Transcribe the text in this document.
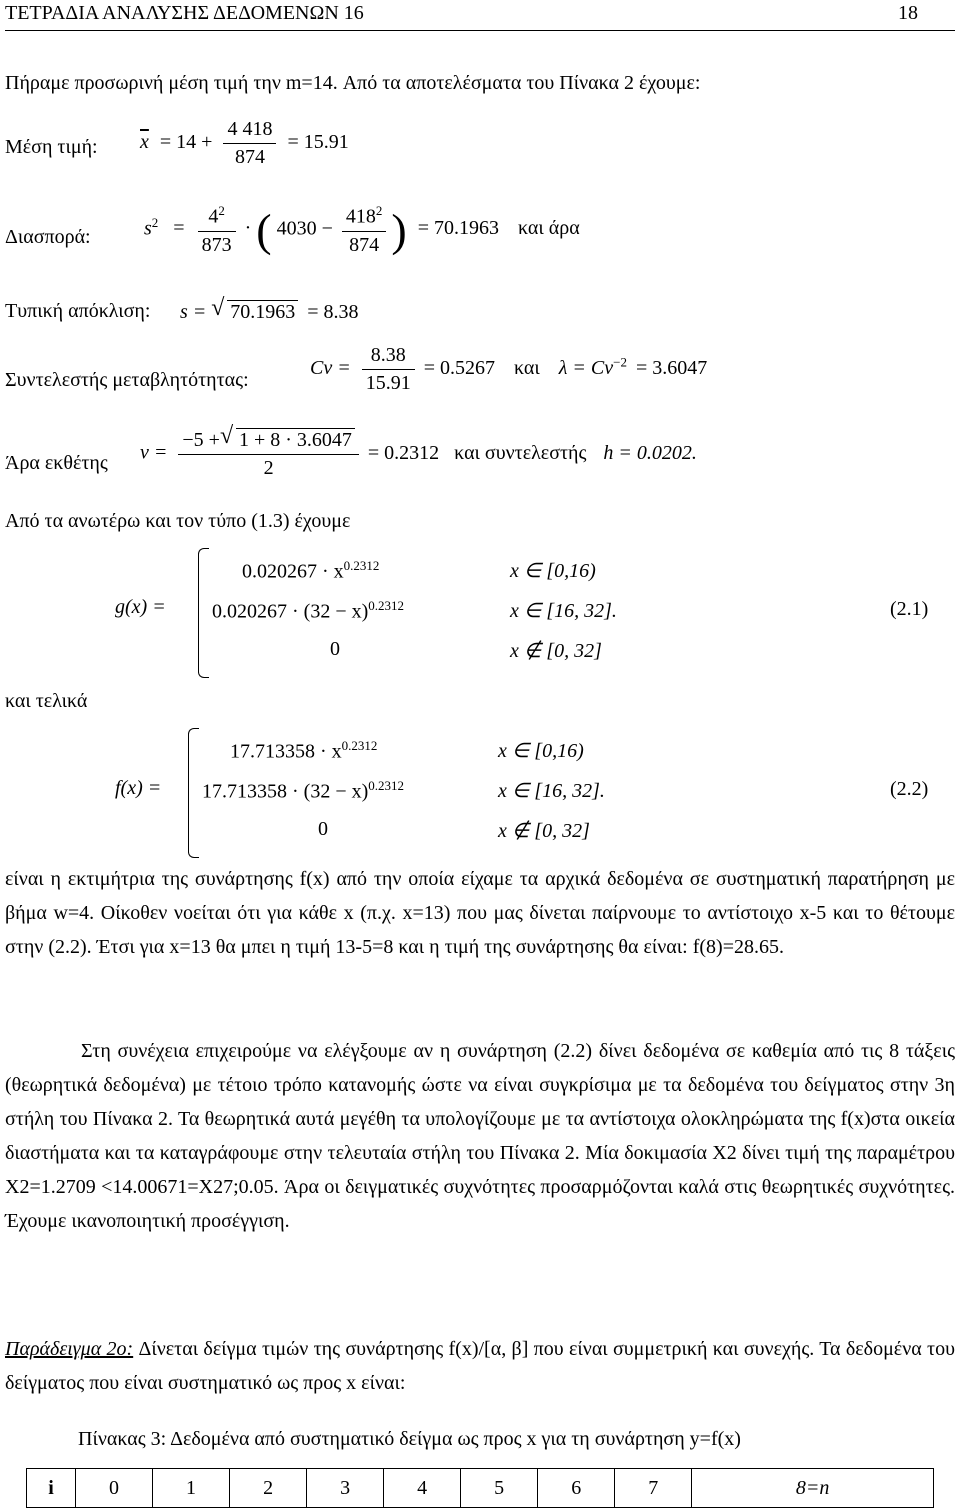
ΤΕΤΡΑΔΙΑ ΑΝΑΛΥΣΗΣ ΔΕΔΟΜΕΝΩΝ 16	18
Πήραμε προσωρινή μέση τιμή την m=14. Από τα αποτελέσματα του Πίνακα 2 έχουμε:
Μέση τιμή: $\overline{x} = 14 + \frac{4 418}{874} = 15.91$
Διασπορά:	$s^2 = \frac{4^2}{873}$ · ( $4030 - \frac{418^2}{874}$ ) = 70.1963 και άρα
Τυπική απόκλιση: s = √ 70.1963 = 8.38
Συντελεστής μεταβλητότητας:
$Cv = \frac{8.38}{15.91} = 0.5267$ και $\lambda = Cv^{-2} = 3.6047$
Άρα εκθέτης $\nu = \frac{-5 + √ 1 + 8 \cdot 3.6047}{2} = 0.2312$ και συντελεστής h = 0.0202.
Από τα ανωτέρω και τον τύπο (1.3) έχουμε
g(x) =
$0.020267 \cdot x^{0.2312}$	x ∈ [0,16)
$0.020267 \cdot (32 - x)^{0.2312}$	x ∈ [16, 32].
0	x ∉ [0, 32]
(2.1)
και τελικά
f(x) =
$17.713358 \cdot x^{0.2312}$	x ∈ [0,16)
$17.713358 \cdot (32 - x)^{0.2312}$	x ∈ [16, 32].
0	x ∉ [0, 32]
(2.2)
είναι η εκτιμήτρια της συνάρτησης f(x) από την οποία είχαμε τα αρχικά δεδομένα σε συστηματική παρατήρηση με βήμα w=4. Οίκοθεν νοείται ότι για κάθε x (π.χ. x=13) που μας δίνεται παίρνουμε το αντίστοιχο x-5 και το θέτουμε στην (2.2). Έτσι για x=13 θα μπει η τιμή 13-5=8 και η τιμή της συνάρτησης θα είναι: f(8)=28.65.
Στη συνέχεια επιχειρούμε να ελέγξουμε αν η συνάρτηση (2.2) δίνει δεδομένα σε καθεμία από τις 8 τάξεις (θεωρητικά δεδομένα) με τέτοιο τρόπο κατανομής ώστε να είναι συγκρίσιμα με τα δεδομένα του δείγματος στην 3η στήλη του Πίνακα 2. Τα θεωρητικά αυτά μεγέθη τα υπολογίζουμε με τα αντίστοιχα ολοκληρώματα της f(x)στα οικεία διαστήματα και τα καταγράφουμε στην τελευταία στήλη του Πίνακα 2. Μία δοκιμασία X2 δίνει τιμή της παραμέτρου X2=1.2709 <14.00671=X27;0.05. Άρα οι δειγματικές συχνότητες προσαρμόζονται καλά στις θεωρητικές συχνότητες. Έχουμε ικανοποιητική προσέγγιση.
Παράδειγμα 2o: Δίνεται δείγμα τιμών της συνάρτησης f(x)/[α, β] που είναι συμμετρική και συνεχής. Τα δεδομένα του δείγματος που είναι συστηματικό ως προς x είναι:
Πίνακας 3: Δεδομένα από συστηματικό δείγμα ως προς x για τη συνάρτηση y=f(x)
i	0	1	2	3	4	5	6	7	8=n
